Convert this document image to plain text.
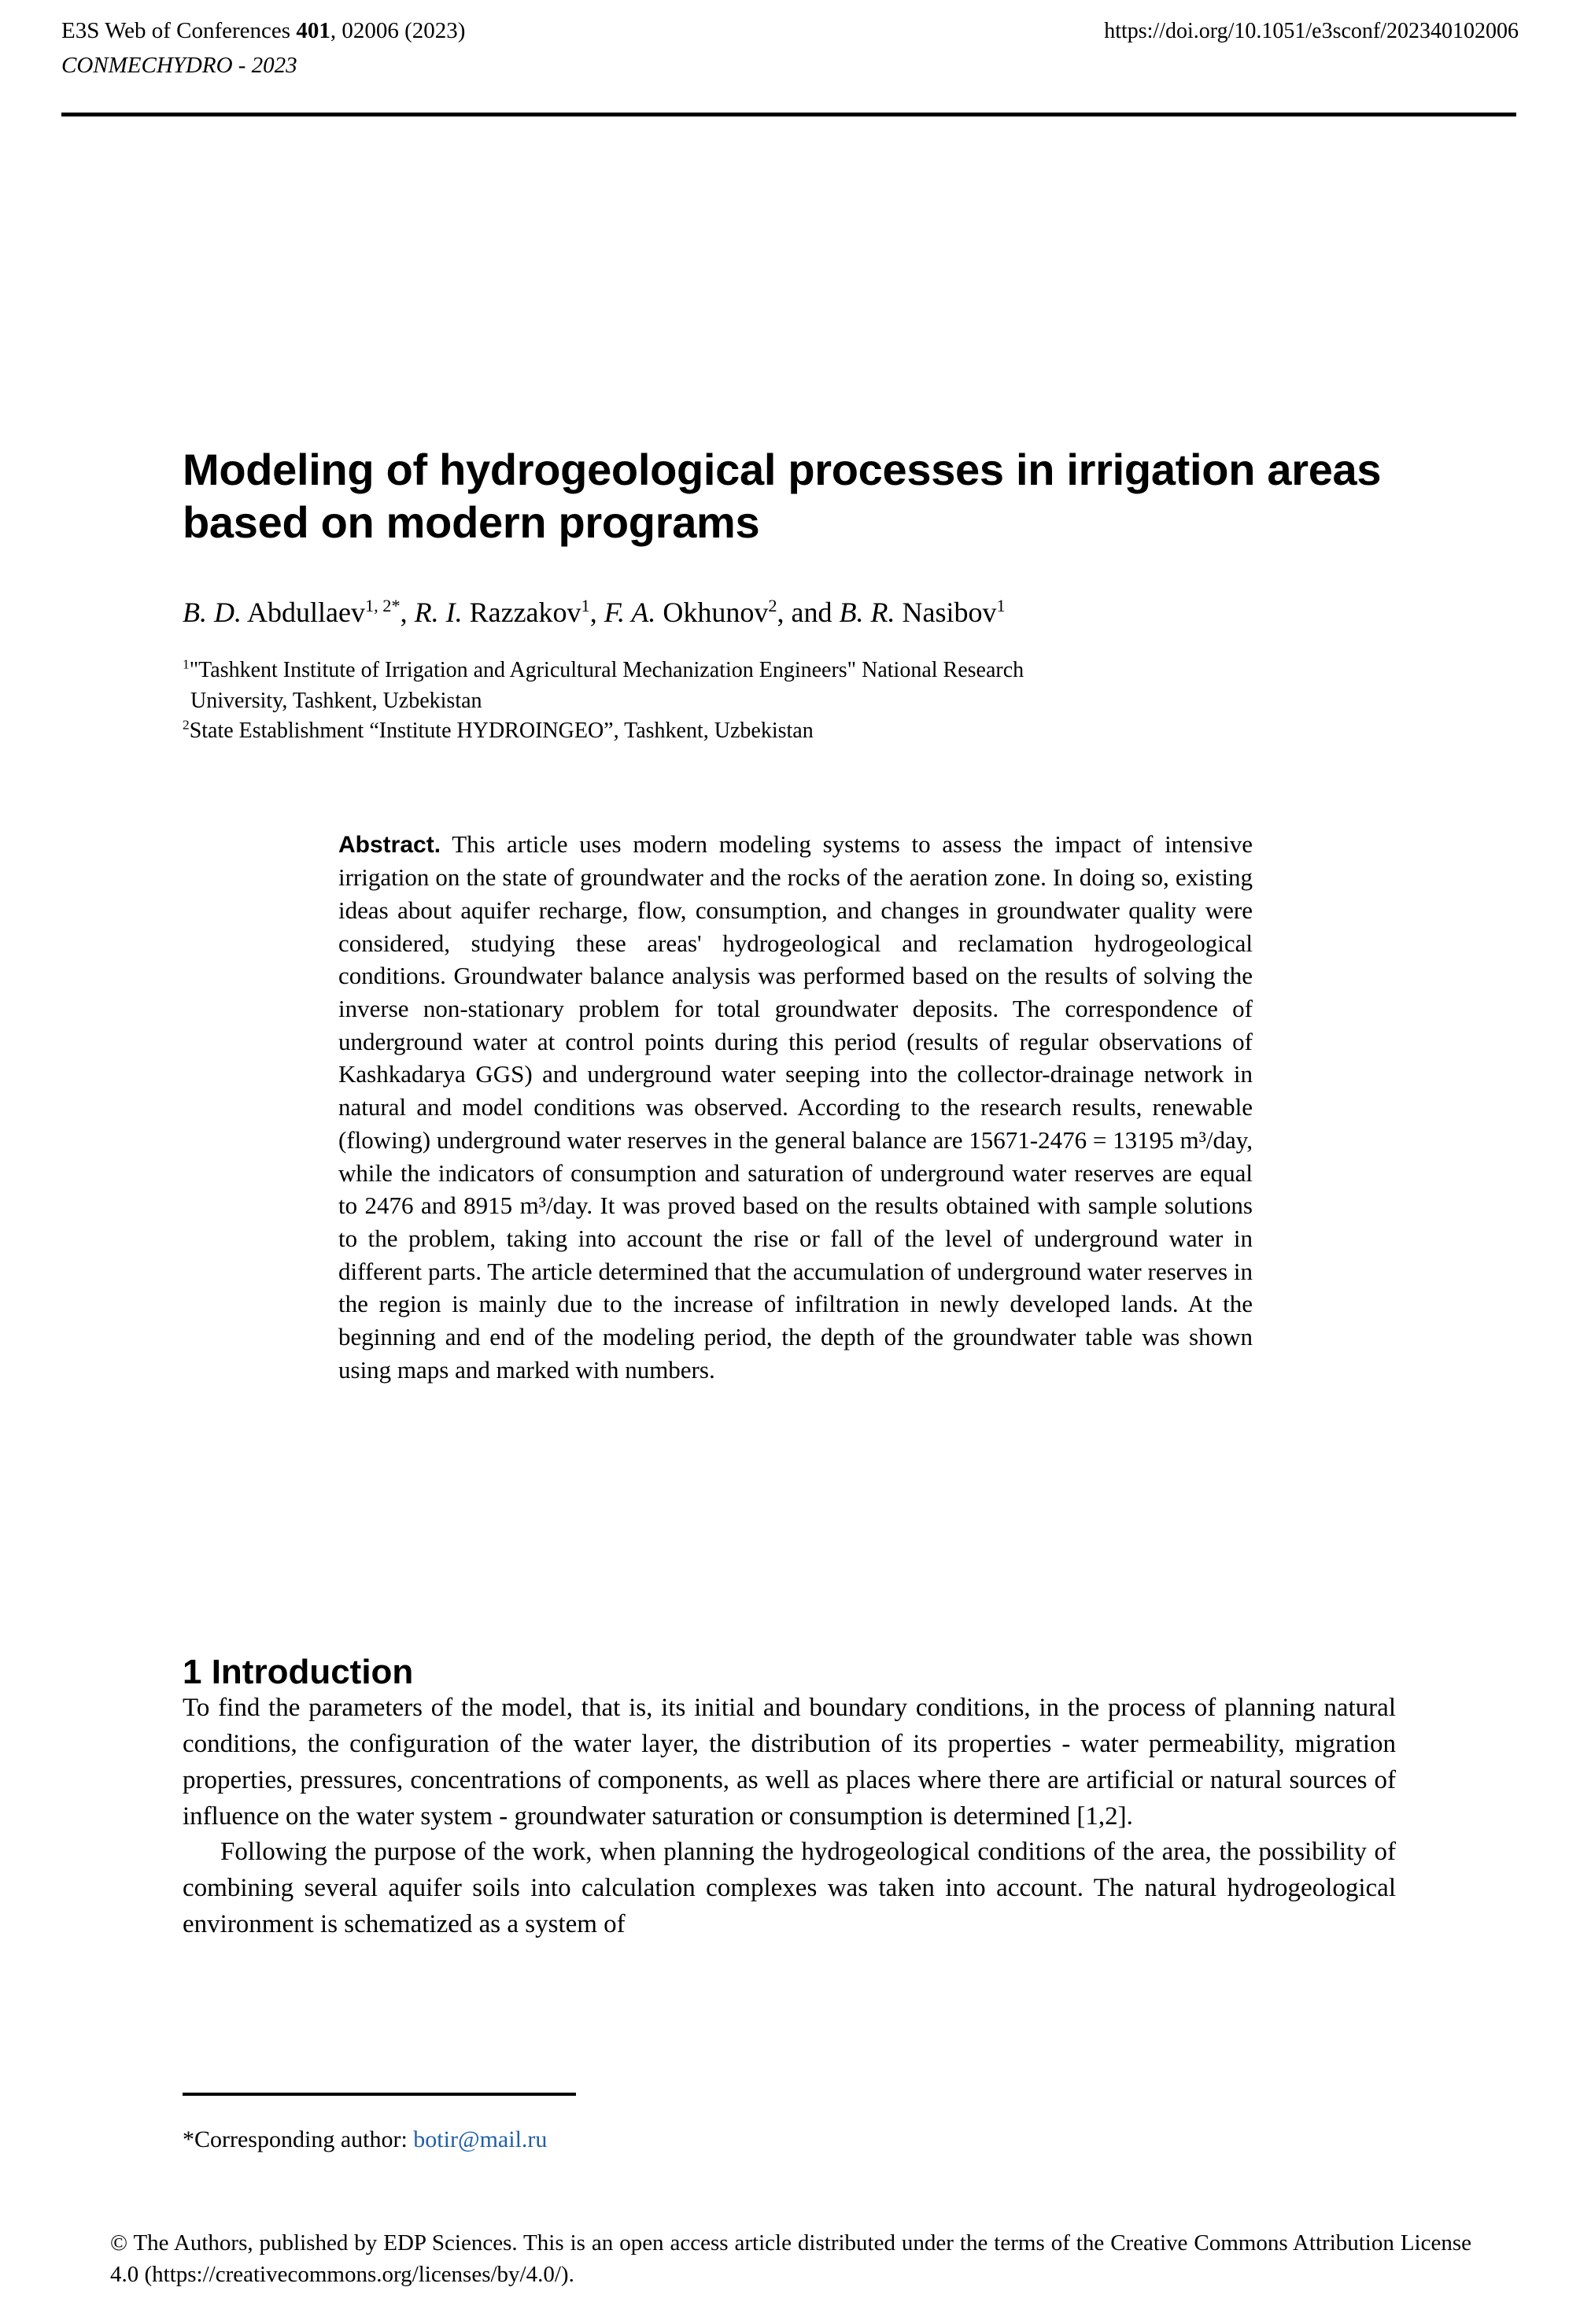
E3S Web of Conferences 401, 02006 (2023)	https://doi.org/10.1051/e3sconf/202340102006
CONMECHYDRO - 2023
Modeling of hydrogeological processes in irrigation areas based on modern programs
B. D. Abdullaev$^{1, 2*}$, R. I. Razzakov$^1$, F. A. Okhunov$^2$, and B. R. Nasibov$^1$
$^1$"Tashkent Institute of Irrigation and Agricultural Mechanization Engineers" National Research
University, Tashkent, Uzbekistan
$^2$State Establishment “Institute HYDROINGEO”, Tashkent, Uzbekistan
Abstract. This article uses modern modeling systems to assess the impact of intensive irrigation on the state of groundwater and the rocks of the aeration zone. In doing so, existing ideas about aquifer recharge, flow, consumption, and changes in groundwater quality were considered, studying these areas' hydrogeological and reclamation hydrogeological conditions. Groundwater balance analysis was performed based on the results of solving the inverse non-stationary problem for total groundwater deposits. The correspondence of underground water at control points during this period (results of regular observations of Kashkadarya GGS) and underground water seeping into the collector-drainage network in natural and model conditions was observed. According to the research results, renewable (flowing) underground water reserves in the general balance are 15671-2476 = 13195 m³/day, while the indicators of consumption and saturation of underground water reserves are equal to 2476 and 8915 m³/day. It was proved based on the results obtained with sample solutions to the problem, taking into account the rise or fall of the level of underground water in different parts. The article determined that the accumulation of underground water reserves in the region is mainly due to the increase of infiltration in newly developed lands. At the beginning and end of the modeling period, the depth of the groundwater table was shown using maps and marked with numbers.
1 Introduction

To find the parameters of the model, that is, its initial and boundary conditions, in the process of planning natural conditions, the configuration of the water layer, the distribution of its properties - water permeability, migration properties, pressures, concentrations of components, as well as places where there are artificial or natural sources of influence on the water system - groundwater saturation or consumption is determined [1,2].

Following the purpose of the work, when planning the hydrogeological conditions of the area, the possibility of combining several aquifer soils into calculation complexes was taken into account. The natural hydrogeological environment is schematized as a system of

*Corresponding author: botir@mail.ru
© The Authors, published by EDP Sciences. This is an open access article distributed under the terms of the Creative Commons Attribution License 4.0 (https://creativecommons.org/licenses/by/4.0/).
